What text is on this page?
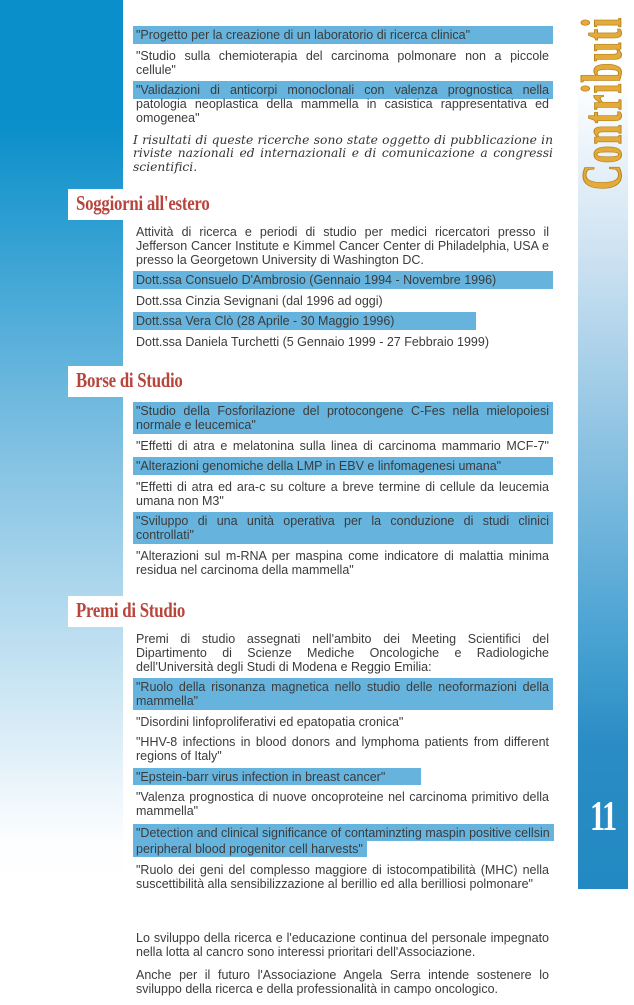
Contributi
11
"Progetto per la creazione di un laboratorio di ricerca clinica"
"Studio sulla chemioterapia del carcinoma polmonare non a piccole cellule"
"Validazioni di anticorpi monoclonali con valenza prognostica nella patologia neoplastica della mammella in casistica rappresentativa ed omogenea"

I risultati di queste ricerche sono state oggetto di pubblicazione in riviste nazionali ed internazionali e di comunicazione a congressi scientifici.

Soggiorni all'estero

Attività di ricerca e periodi di studio per medici ricercatori presso il Jefferson Cancer Institute e Kimmel Cancer Center di Philadelphia, USA e presso la Georgetown University di Washington DC.

Dott.ssa Consuelo D'Ambrosio (Gennaio 1994 - Novembre 1996)
Dott.ssa Cinzia Sevignani (dal 1996 ad oggi)
Dott.ssa Vera Clò (28 Aprile - 30 Maggio 1996)
Dott.ssa Daniela Turchetti (5 Gennaio 1999 - 27 Febbraio 1999)
Borse di Studio
"Studio della Fosforilazione del protocongene C-Fes nella mielopoiesi normale e leucemica"
"Effetti di atra e melatonina sulla linea di carcinoma mammario MCF-7"
"Alterazioni genomiche della LMP in EBV e linfomagenesi umana"
"Effetti di atra ed ara-c su colture a breve termine di cellule da leucemia umana non M3"
"Sviluppo di una unità operativa per la conduzione di studi clinici controllati"
"Alterazioni sul m-RNA per maspina come indicatore di malattia minima residua nel carcinoma della mammella"
Premi di Studio

Premi di studio assegnati nell'ambito dei Meeting Scientifici del Dipartimento di Scienze Mediche Oncologiche e Radiologiche dell'Università degli Studi di Modena e Reggio Emilia:

"Ruolo della risonanza magnetica nello studio delle neoformazioni della mammella"
"Disordini linfoproliferativi ed epatopatia cronica"
"HHV-8 infections in blood donors and lymphoma patients from different regions of Italy"
"Epstein-barr virus infection in breast cancer"
"Valenza prognostica di nuove oncoproteine nel carcinoma primitivo della mammella"
"Detection and clinical significance of contaminzting maspin positive cellsin peripheral blood progenitor cell harvests"
"Ruolo dei geni del complesso maggiore di istocompatibilità (MHC) nella suscettibilità alla sensibilizzazione al berillio ed alla berilliosi polmonare"

Lo sviluppo della ricerca e l'educazione continua del personale impegnato nella lotta al cancro sono interessi prioritari dell'Associazione.

Anche per il futuro l'Associazione Angela Serra intende sostenere lo sviluppo della ricerca e della professionalità in campo oncologico.
